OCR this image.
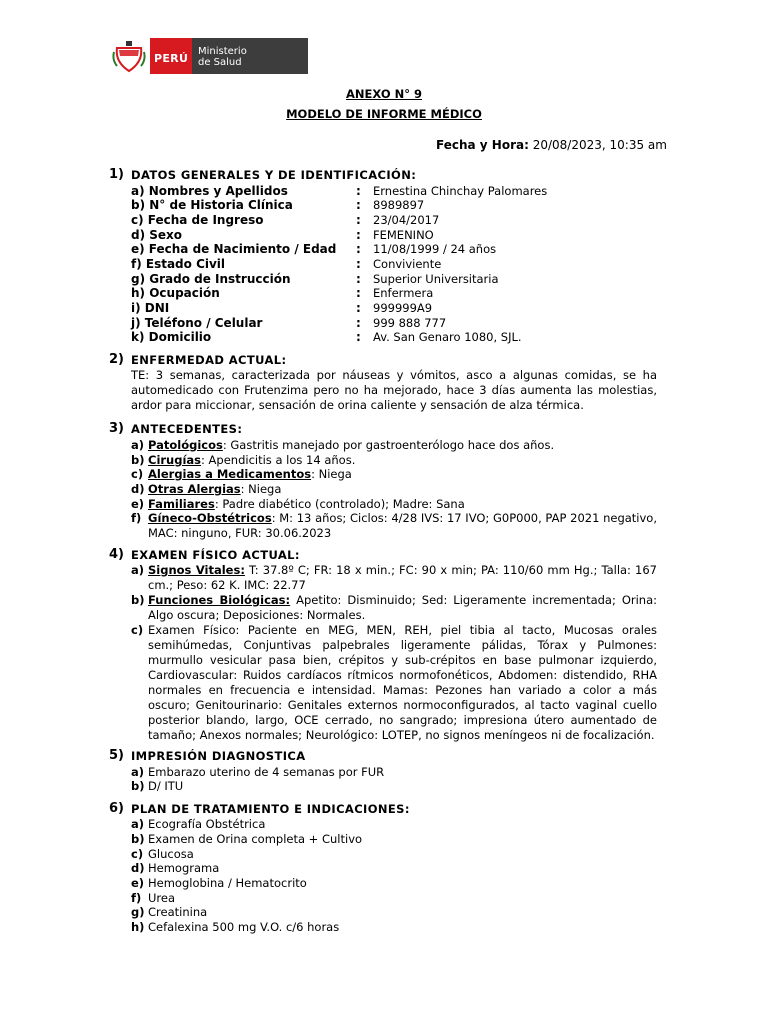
PERÚ
Ministerio
de Salud
ANEXO N° 9
MODELO DE INFORME MÉDICO
Fecha y Hora: 20/08/2023, 10:35 am
1) DATOS GENERALES Y DE IDENTIFICACIÓN:
a) Nombres y Apellidos	: Ernestina Chinchay Palomares
b) N° de Historia Clínica	: 8989897
c) Fecha de Ingreso	: 23/04/2017
d) Sexo	: FEMENINO
e) Fecha de Nacimiento / Edad : 11/08/1999 / 24 años
f) Estado Civil	: Conviviente
g) Grado de Instrucción	: Superior Universitaria
h) Ocupación	: Enfermera
i) DNI	: 999999A9
j) Teléfono / Celular	: 999 888 777
k) Domicilio	: Av. San Genaro 1080, SJL.
2) ENFERMEDAD ACTUAL:
TE: 3 semanas, caracterizada por náuseas y vómitos, asco a algunas comidas, se ha automedicado con Frutenzima pero no ha mejorado, hace 3 días aumenta las molestias, ardor para miccionar, sensación de orina caliente y sensación de alza térmica.
3) ANTECEDENTES:
a) Patológicos: Gastritis manejado por gastroenterólogo hace dos años.
b) Cirugías: Apendicitis a los 14 años.
c) Alergias a Medicamentos: Niega
d) Otras Alergias: Niega
e) Familiares: Padre diabético (controlado); Madre: Sana
f) Gíneco-Obstétricos: M: 13 años; Ciclos: 4/28 IVS: 17 IVO; G0P000, PAP 2021 negativo, MAC: ninguno, FUR: 30.06.2023
4) EXAMEN FÍSICO ACTUAL:
a) Signos Vitales: T: 37.8º C; FR: 18 x min.; FC: 90 x min; PA: 110/60 mm Hg.; Talla: 167 cm.; Peso: 62 K. IMC: 22.77
b) Funciones Biológicas: Apetito: Disminuido; Sed: Ligeramente incrementada; Orina: Algo oscura; Deposiciones: Normales.
c) Examen Físico: Paciente en MEG, MEN, REH, piel tibia al tacto, Mucosas orales semihúmedas, Conjuntivas palpebrales ligeramente pálidas, Tórax y Pulmones: murmullo vesicular pasa bien, crépitos y sub-crépitos en base pulmonar izquierdo, Cardiovascular: Ruidos cardíacos rítmicos normofonéticos, Abdomen: distendido, RHA normales en frecuencia e intensidad. Mamas: Pezones han variado a color a más oscuro; Genitourinario: Genitales externos normoconfigurados, al tacto vaginal cuello posterior blando, largo, OCE cerrado, no sangrado; impresiona útero aumentado de tamaño; Anexos normales; Neurológico: LOTEP, no signos meníngeos ni de focalización.
5) IMPRESIÓN DIAGNOSTICA
a) Embarazo uterino de 4 semanas por FUR
b) D/ ITU
6) PLAN DE TRATAMIENTO E INDICACIONES:
a) Ecografía Obstétrica
b) Examen de Orina completa + Cultivo
c) Glucosa
d) Hemograma
e) Hemoglobina / Hematocrito
f) Urea
g) Creatinina
h) Cefalexina 500 mg V.O. c/6 horas
